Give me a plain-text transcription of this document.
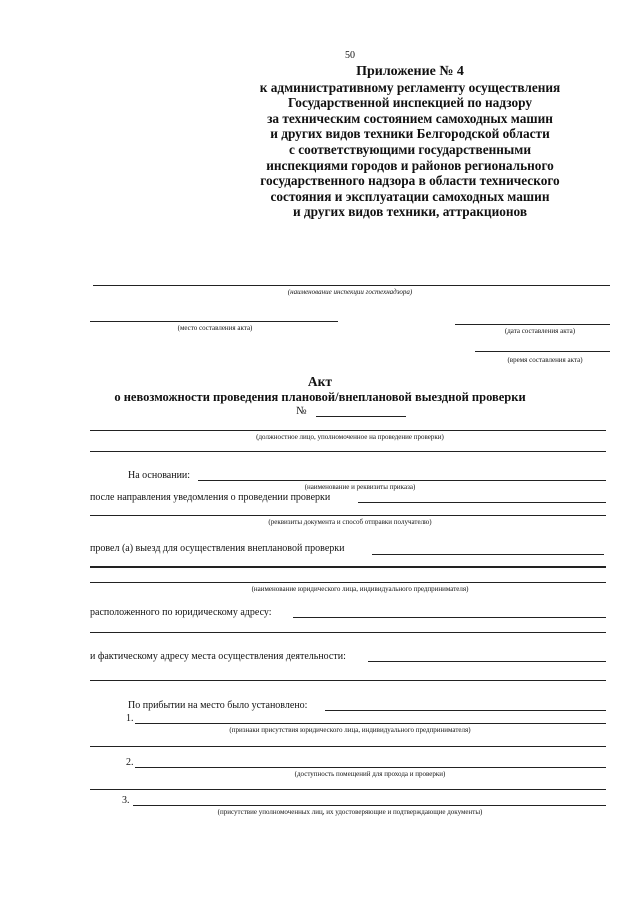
50
Приложение № 4
к административному регламенту осуществления
Государственной инспекцией по надзору
за техническим состоянием самоходных машин
и других видов техники Белгородской области
с соответствующими государственными
инспекциями городов и районов регионального
государственного надзора в области технического
состояния и эксплуатации самоходных машин
и других видов техники, аттракционов
(наименование инспекции гостехнадзора)
(место составления акта)	(дата составления акта)
(время составления акта)
Акт
о невозможности проведения плановой/внеплановой выездной проверки
№
(должностное лицо, уполномоченное на проведение проверки)
На основании:
(наименование и реквизиты приказа)
после направления уведомления о проведении проверки
(реквизиты документа и способ отправки получателю)
провел (а) выезд для осуществления внеплановой проверки
(наименование юридического лица, индивидуального предпринимателя)
расположенного по юридическому адресу:
и фактическому адресу места осуществления деятельности:
По прибытии на место было установлено:
1.
(признаки присутствия юридического лица, индивидуального предпринимателя)
2.
(доступность помещений для прохода и проверки)
3.
(присутствие уполномоченных лиц, их удостоверяющие и подтверждающие документы)
